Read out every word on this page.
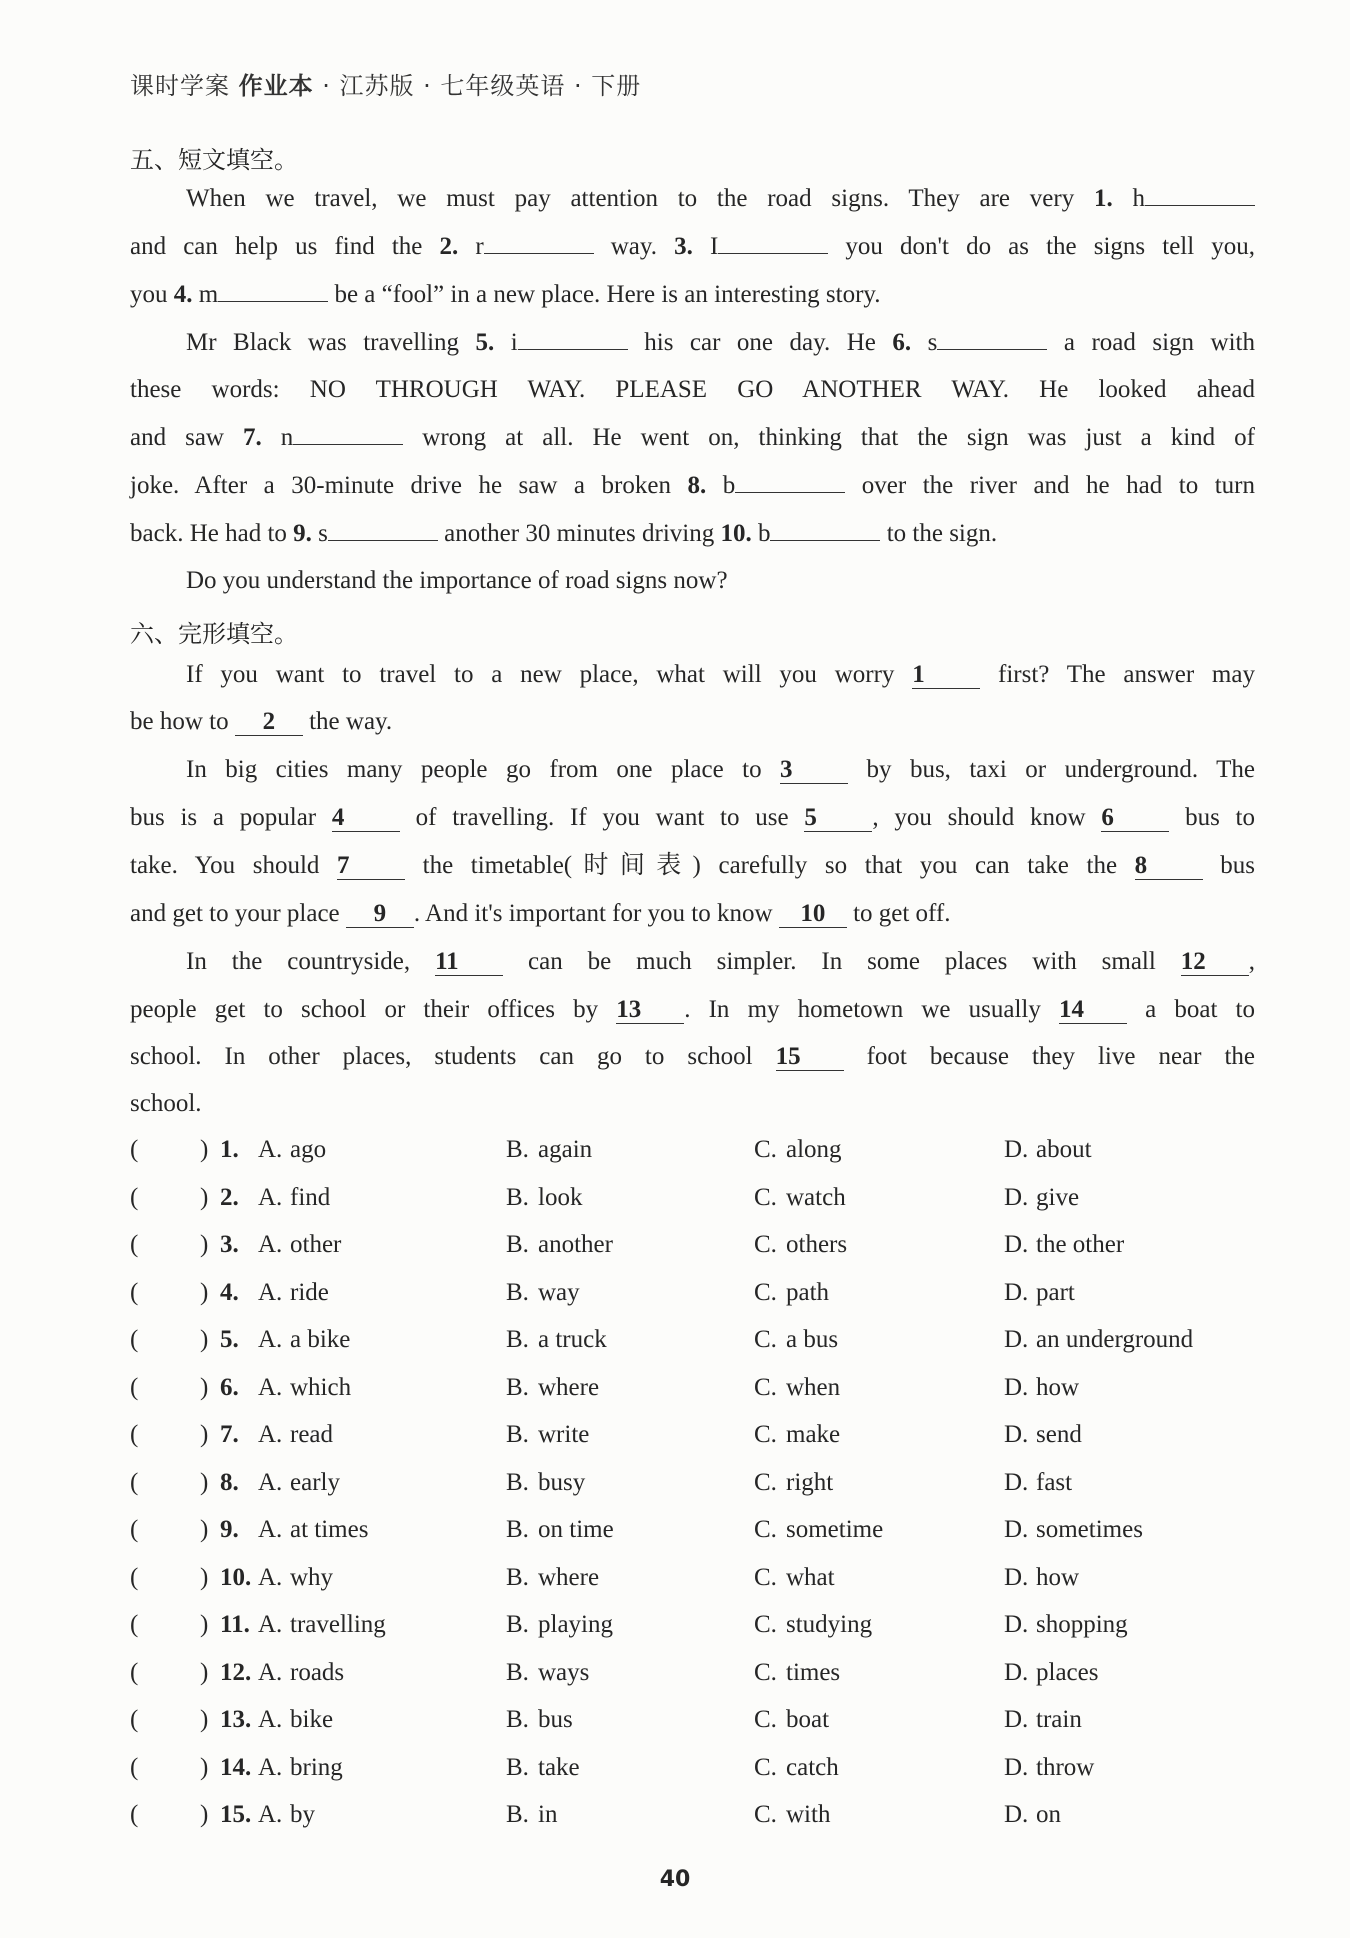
课时学案 作业本 · 江苏版 · 七年级英语 · 下册
五、短文填空。
When we travel, we must pay attention to the road signs. They are very 1. h
and can help us find the 2. r	way. 3. I	you don't do as the signs tell you,
you 4. m	be a “fool” in a new place. Here is an interesting story.
Mr Black was travelling 5. i	his car one day. He 6. s	a road sign with
these words: NO THROUGH WAY. PLEASE GO ANOTHER WAY. He looked ahead
and saw 7. n	wrong at all. He went on, thinking that the sign was just a kind of
joke. After a 30-minute drive he saw a broken 8. b	over the river and he had to turn
back. He had to 9. s	another 30 minutes driving 10. b	to the sign.
Do you understand the importance of road signs now?
六、完形填空。
If you want to travel to a new place, what will you worry 1 first? The answer may
be how to 2 the way.
In big cities many people go from one place to 3 by bus, taxi or underground. The
bus is a popular 4 of travelling. If you want to use 5 , you should know 6 bus to
take. You should 7 the timetable(时间表) carefully so that you can take the 8 bus
and get to your place 9 . And it's important for you to know 10 to get off.
In the countryside, 11 can be much simpler. In some places with small 12 ,
people get to school or their offices by 13 . In my hometown we usually 14 a boat to
school. In other places, students can go to school 15 foot because they live near the
school.
( ) 1. A. ago	B. again	C. along	D. about
( ) 2. A. find	B. look	C. watch	D. give
( ) 3. A. other	B. another	C. others	D. the other
( ) 4. A. ride	B. way	C. path	D. part
( ) 5. A. a bike	B. a truck	C. a bus	D. an underground
( ) 6. A. which	B. where	C. when	D. how
( ) 7. A. read	B. write	C. make	D. send
( ) 8. A. early	B. busy	C. right	D. fast
( ) 9. A. at times	B. on time	C. sometime	D. sometimes
( ) 10. A. why	B. where	C. what	D. how
( ) 11. A. travelling	B. playing	C. studying	D. shopping
( ) 12. A. roads	B. ways	C. times	D. places
( ) 13. A. bike	B. bus	C. boat	D. train
( ) 14. A. bring	B. take	C. catch	D. throw
( ) 15. A. by	B. in	C. with	D. on
40
